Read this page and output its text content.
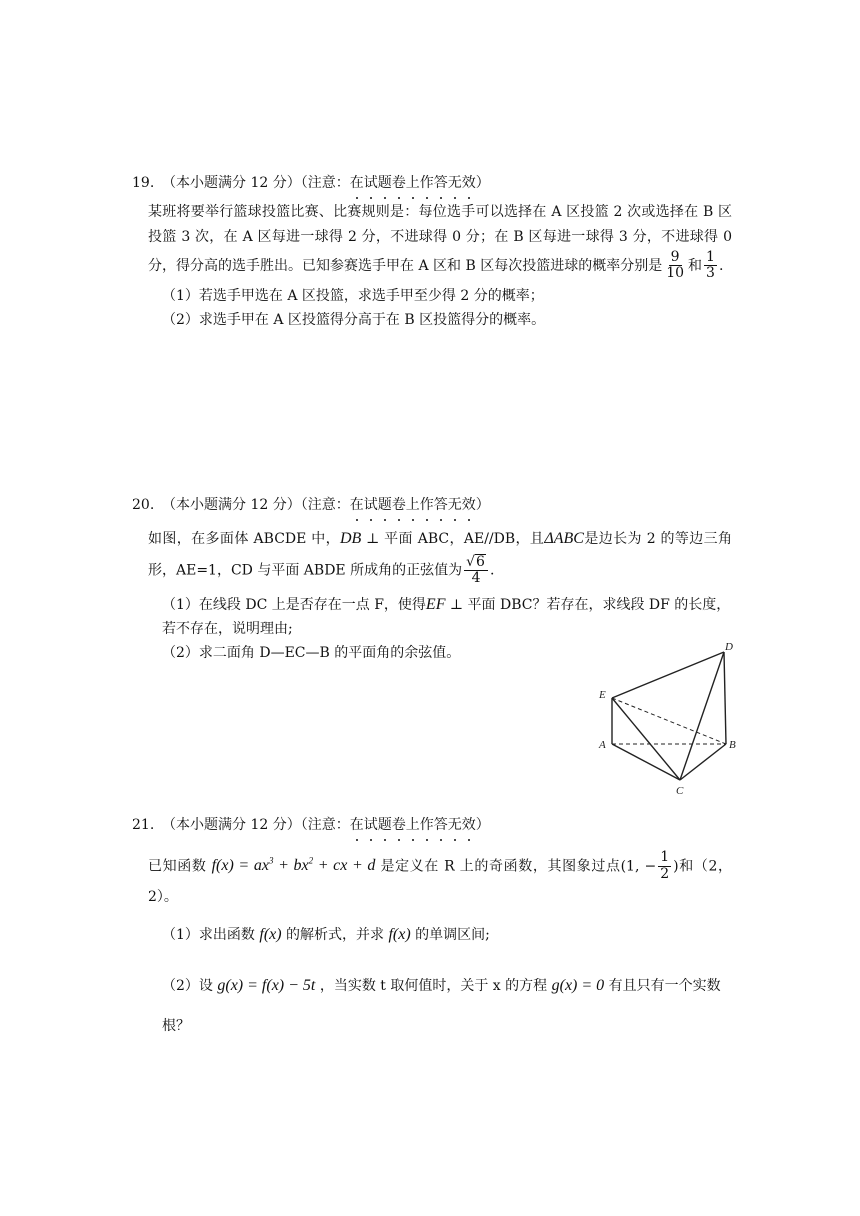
19. （本小题满分 12 分）（注意：在试题卷上作答无效）
某班将要举行篮球投篮比赛、比赛规则是：每位选手可以选择在 A 区投篮 2 次或选择在 B 区投篮 3 次，在 A 区每进一球得 2 分，不进球得 0 分；在 B 区每进一球得 3 分，不进球得 0 分，得分高的选手胜出。已知参赛选手甲在 A 区和 B 区每次投篮进球的概率分别是 $\frac{9}{10}$ 和 $\frac{1}{3}$ .
（1）若选手甲选在 A 区投篮，求选手甲至少得 2 分的概率；
（2）求选手甲在 A 区投篮得分高于在 B 区投篮得分的概率。
20. （本小题满分 12 分）（注意：在试题卷上作答无效）
如图，在多面体 ABCDE 中，DB ⊥ 平面 ABC，AE//DB，且ΔABC是边长为 2 的等边三角形，AE=1，CD 与平面 ABDE 所成角的正弦值为 $\frac{√6}{4}$ .
（1）在线段 DC 上是否存在一点 F，使得EF ⊥ 平面 DBC？若存在，求线段 DF 的长度，若不存在，说明理由;
（2）求二面角 D—EC—B 的平面角的余弦值。	D
E
A	B
C
21. （本小题满分 12 分）（注意：在试题卷上作答无效）
已知函数 $f(x) = ax^3 + bx^2$ + cx + d 是定义在 R 上的奇函数，其图象过点(1, − $\frac{1}{2}$ )和（2，2）。
（1）求出函数 f(x) 的解析式，并求 f(x) 的单调区间;
（2）设 g(x) = f(x) − 5t ，当实数 t 取何值时，关于 x 的方程 g(x) = 0 有且只有一个实数根？
